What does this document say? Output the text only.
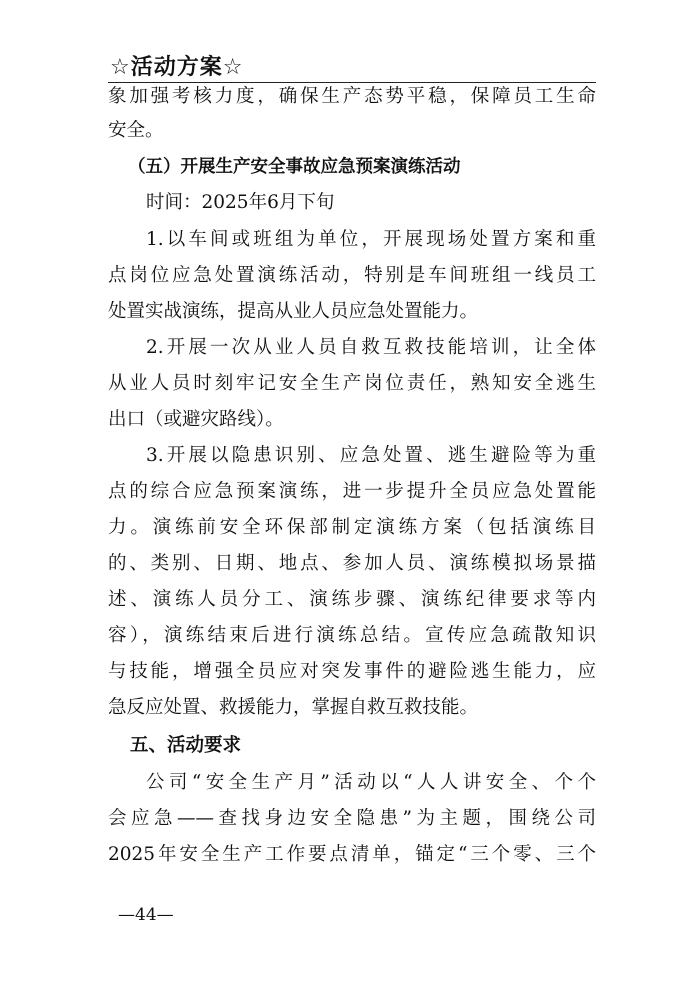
☆活动方案☆
象加强考核力度，确保生产态势平稳，保障员工生命
安全。
（五）开展生产安全事故应急预案演练活动
时间：2025年6月下旬
1.以车间或班组为单位，开展现场处置方案和重
点岗位应急处置演练活动，特别是车间班组一线员工
处置实战演练，提高从业人员应急处置能力。
2.开展一次从业人员自救互救技能培训，让全体
从业人员时刻牢记安全生产岗位责任，熟知安全逃生
出口（或避灾路线）。
3.开展以隐患识别、应急处置、逃生避险等为重
点的综合应急预案演练，进一步提升全员应急处置能
力。演练前安全环保部制定演练方案（包括演练目
的、类别、日期、地点、参加人员、演练模拟场景描
述、演练人员分工、演练步骤、演练纪律要求等内
容），演练结束后进行演练总结。宣传应急疏散知识
与技能，增强全员应对突发事件的避险逃生能力，应
急反应处置、救援能力，掌握自救互救技能。
五、活动要求
公司“安全生产月”活动以“人人讲安全、个个
会应急——查找身边安全隐患”为主题，围绕公司
2025年安全生产工作要点清单，锚定“三个零、三个
—44—
